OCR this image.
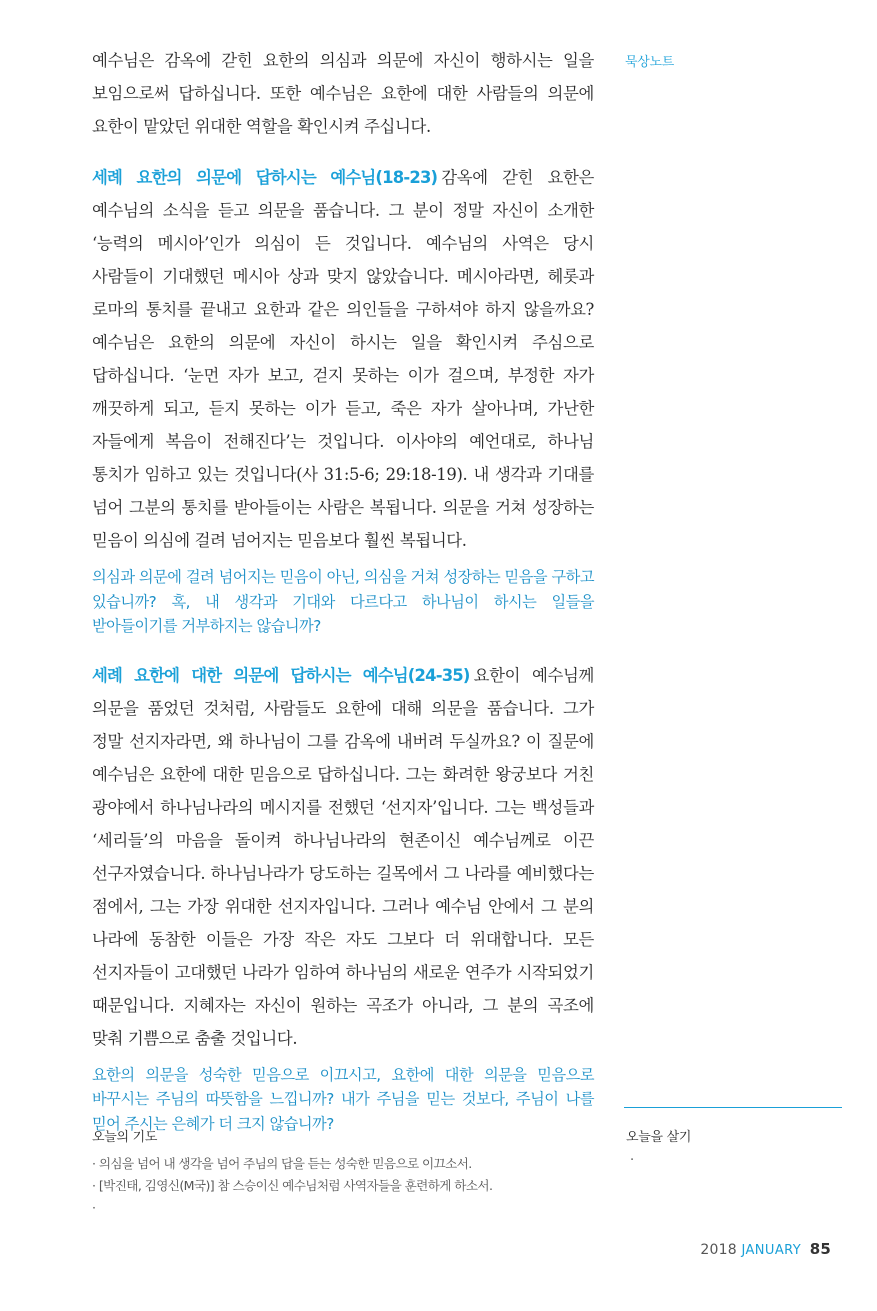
묵상노트

예수님은 감옥에 갇힌 요한의 의심과 의문에 자신이 행하시는 일을 보임으로써 답하십니다. 또한 예수님은 요한에 대한 사람들의 의문에 요한이 맡았던 위대한 역할을 확인시켜 주십니다.

세례 요한의 의문에 답하시는 예수님(18-23) 감옥에 갇힌 요한은 예수님의 소식을 듣고 의문을 품습니다. 그 분이 정말 자신이 소개한 ‘능력의 메시아’인가 의심이 든 것입니다. 예수님의 사역은 당시 사람들이 기대했던 메시아 상과 맞지 않았습니다. 메시아라면, 헤롯과 로마의 통치를 끝내고 요한과 같은 의인들을 구하셔야 하지 않을까요? 예수님은 요한의 의문에 자신이 하시는 일을 확인시켜 주심으로 답하십니다. ‘눈먼 자가 보고, 걷지 못하는 이가 걸으며, 부정한 자가 깨끗하게 되고, 듣지 못하는 이가 듣고, 죽은 자가 살아나며, 가난한 자들에게 복음이 전해진다’는 것입니다. 이사야의 예언대로, 하나님 통치가 임하고 있는 것입니다(사 31:5-6; 29:18-19). 내 생각과 기대를 넘어 그분의 통치를 받아들이는 사람은 복됩니다. 의문을 거쳐 성장하는 믿음이 의심에 걸려 넘어지는 믿음보다 훨씬 복됩니다.

의심과 의문에 걸려 넘어지는 믿음이 아닌, 의심을 거쳐 성장하는 믿음을 구하고 있습니까? 혹, 내 생각과 기대와 다르다고 하나님이 하시는 일들을 받아들이기를 거부하지는 않습니까?

세례 요한에 대한 의문에 답하시는 예수님(24-35) 요한이 예수님께 의문을 품었던 것처럼, 사람들도 요한에 대해 의문을 품습니다. 그가 정말 선지자라면, 왜 하나님이 그를 감옥에 내버려 두실까요? 이 질문에 예수님은 요한에 대한 믿음으로 답하십니다. 그는 화려한 왕궁보다 거친 광야에서 하나님나라의 메시지를 전했던 ‘선지자’입니다. 그는 백성들과 ‘세리들’의 마음을 돌이켜 하나님나라의 현존이신 예수님께로 이끈 선구자였습니다. 하나님나라가 당도하는 길목에서 그 나라를 예비했다는 점에서, 그는 가장 위대한 선지자입니다. 그러나 예수님 안에서 그 분의 나라에 동참한 이들은 가장 작은 자도 그보다 더 위대합니다. 모든 선지자들이 고대했던 나라가 임하여 하나님의 새로운 연주가 시작되었기 때문입니다. 지혜자는 자신이 원하는 곡조가 아니라, 그 분의 곡조에 맞춰 기쁨으로 춤출 것입니다.

요한의 의문을 성숙한 믿음으로 이끄시고, 요한에 대한 의문을 믿음으로 바꾸시는 주님의 따뜻함을 느낍니까? 내가 주님을 믿는 것보다, 주님이 나를 믿어 주시는 은혜가 더 크지 않습니까?

오늘의 기도
· 의심을 넘어 내 생각을 넘어 주님의 답을 듣는 성숙한 믿음으로 이끄소서.
· [박진태, 김영신(M국)] 참 스승이신 예수님처럼 사역자들을 훈련하게 하소서.
·
오늘을 살기
·
2018 JANUARY 85
